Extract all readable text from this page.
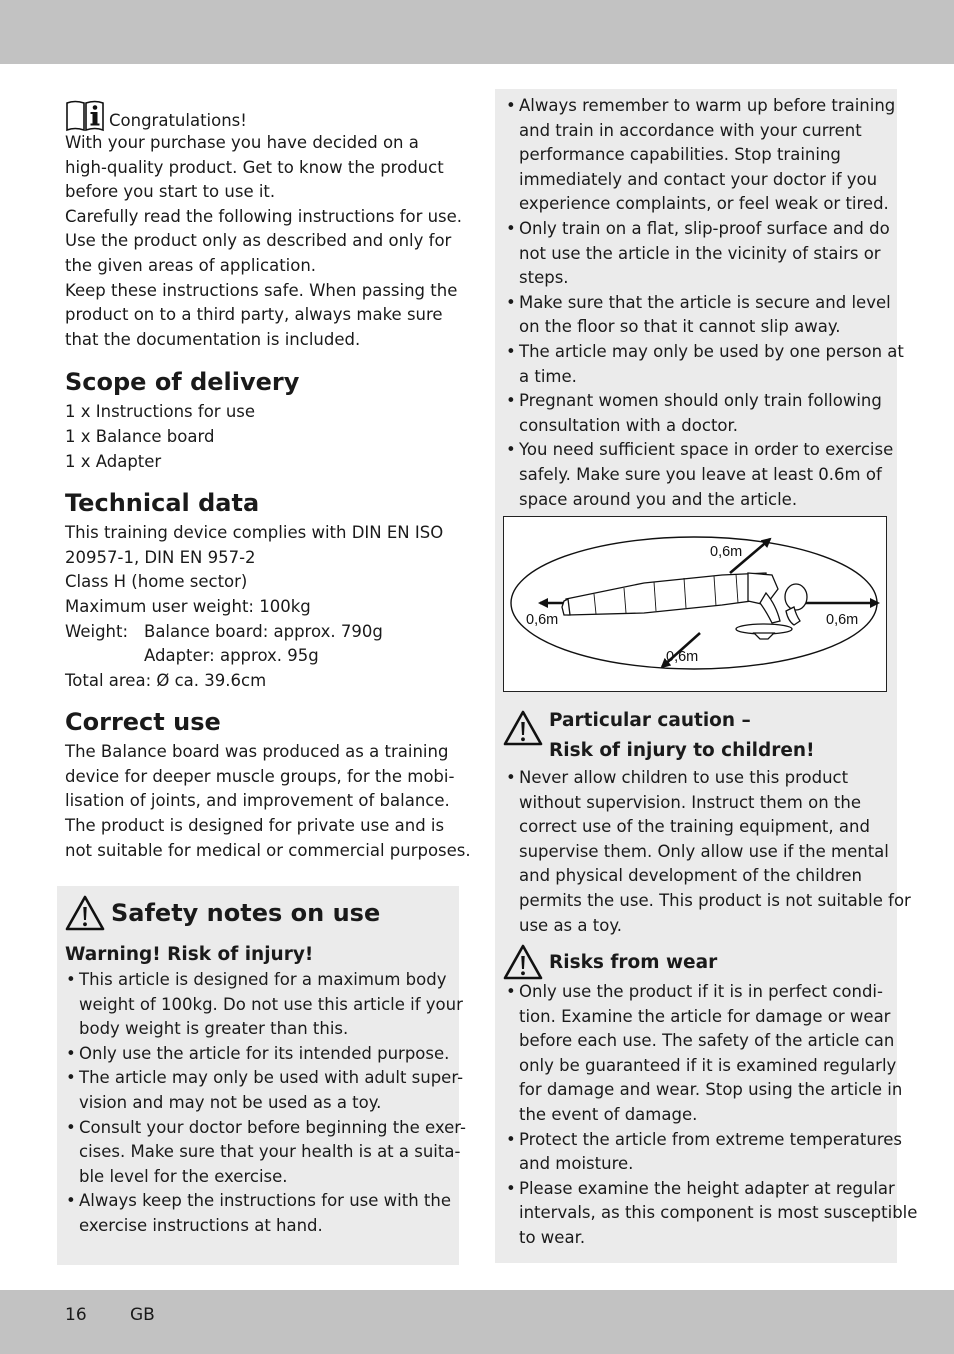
16	GB
Congratulations!

With your purchase you have decided on a

high-quality product. Get to know the product

before you start to use it.

Carefully read the following instructions for use.

Use the product only as described and only for

the given areas of application.

Keep these instructions safe. When passing the

product on to a third party, always make sure

that the documentation is included.

Scope of delivery

1 x Instructions for use

1 x Balance board

1 x Adapter

Technical data

This training device complies with DIN EN ISO

20957-1, DIN EN 957-2

Class H (home sector)

Maximum user weight: 100kg

Weight: Balance board: approx. 790g
Adapter: approx. 95g

Total area: Ø ca. 39.6cm

Correct use

The Balance board was produced as a training

device for deeper muscle groups, for the mobi-

lisation of joints, and improvement of balance.

The product is designed for private use and is

not suitable for medical or commercial purposes.

Safety notes on use
Warning! Risk of injury!
• This article is designed for a maximum body
weight of 100kg. Do not use this article if your
body weight is greater than this.
• Only use the article for its intended purpose.
• The article may only be used with adult super-
vision and may not be used as a toy.
• Consult your doctor before beginning the exer-
cises. Make sure that your health is at a suita-
ble level for the exercise.
• Always keep the instructions for use with the
exercise instructions at hand.
• Always remember to warm up before training
and train in accordance with your current
performance capabilities. Stop training
immediately and contact your doctor if you
experience complaints, or feel weak or tired.
• Only train on a flat, slip-proof surface and do
not use the article in the vicinity of stairs or
steps.
• Make sure that the article is secure and level
on the floor so that it cannot slip away.
• The article may only be used by one person at
a time.
• Pregnant women should only train following
consultation with a doctor.
• You need sufficient space in order to exercise
safely. Make sure you leave at least 0.6m of
space around you and the article.
0,6m
0,6m	0,6m
0,6m
Particular caution –
Risk of injury to children!
• Never allow children to use this product
without supervision. Instruct them on the
correct use of the training equipment, and
supervise them. Only allow use if the mental
and physical development of the children
permits the use. This product is not suitable for
use as a toy.
Risks from wear
• Only use the product if it is in perfect condi-
tion. Examine the article for damage or wear
before each use. The safety of the article can
only be guaranteed if it is examined regularly
for damage and wear. Stop using the article in
the event of damage.
• Protect the article from extreme temperatures
and moisture.
• Please examine the height adapter at regular
intervals, as this component is most susceptible
to wear.
